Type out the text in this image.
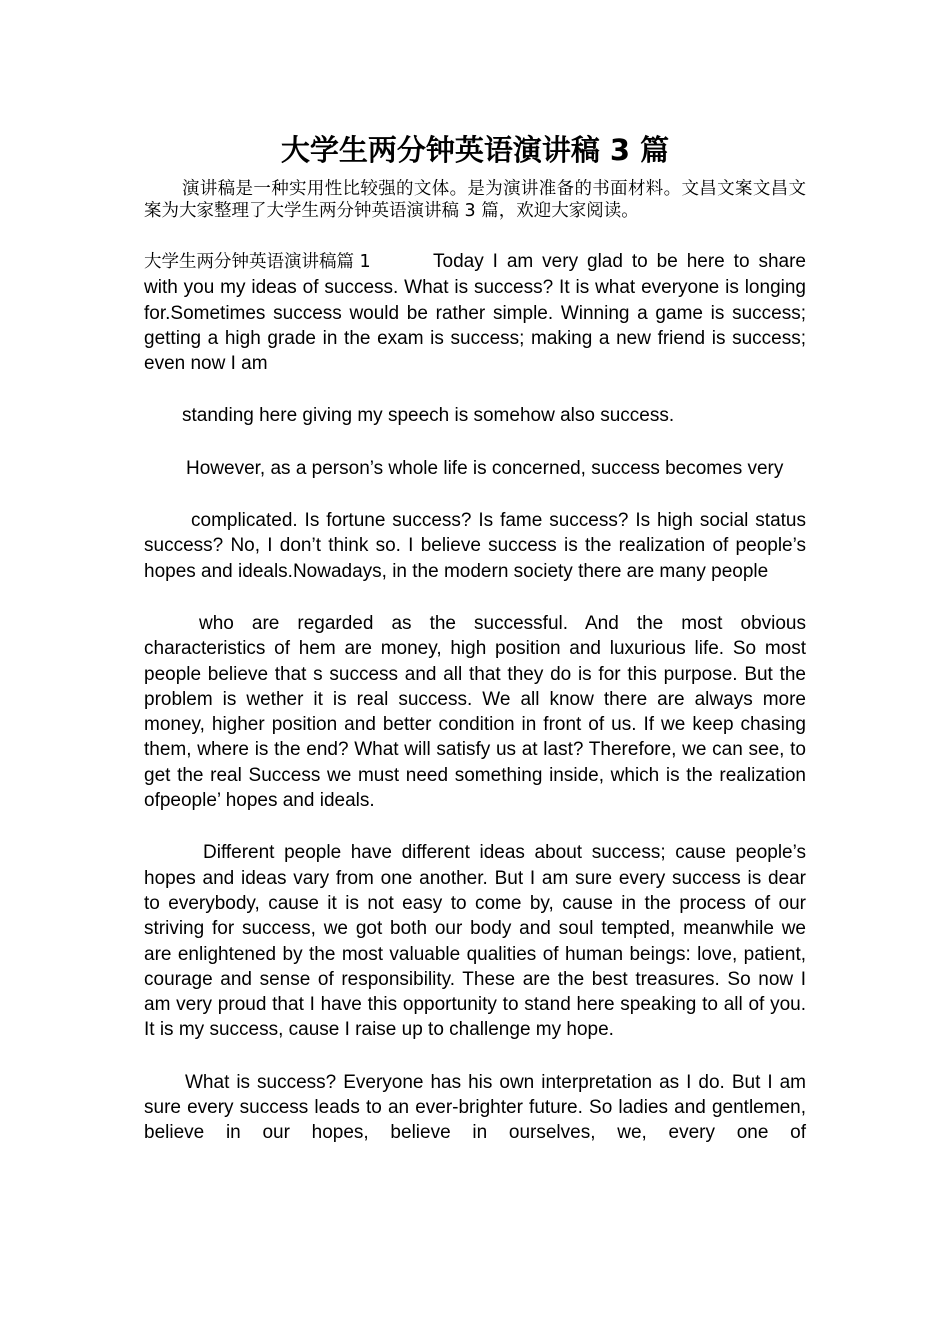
大学生两分钟英语演讲稿 3 篇

演讲稿是一种实用性比较强的文体。是为演讲准备的书面材料。文昌文案文昌文案为大家整理了大学生两分钟英语演讲稿 3 篇，欢迎大家阅读。

大学生两分钟英语演讲稿篇 1	Today I am very glad to be here to share with you my ideas of success. What is success? It is what everyone is longing for.Sometimes success would be rather simple. Winning a game is success; getting a high grade in the exam is success; making a new friend is success; even now I am

standing here giving my speech is somehow also success.

However, as a person’s whole life is concerned, success becomes very

complicated. Is fortune success? Is fame success? Is high social status success? No, I don’t think so. I believe success is the realization of people’s hopes and ideals.Nowadays, in the modern society there are many people

who are regarded as the successful. And the most obvious characteristics of hem are money, high position and luxurious life. So most people believe that s success and all that they do is for this purpose. But the problem is wether it is real success. We all know there are always more money, higher position and better condition in front of us. If we keep chasing them, where is the end? What will satisfy us at last? Therefore, we can see, to get the real Success we must need something inside, which is the realization ofpeople’ hopes and ideals.

Different people have different ideas about success; cause people’s hopes and ideas vary from one another. But I am sure every success is dear to everybody, cause it is not easy to come by, cause in the process of our striving for success, we got both our body and soul tempted, meanwhile we are enlightened by the most valuable qualities of human beings: love, patient, courage and sense of responsibility. These are the best treasures. So now I am very proud that I have this opportunity to stand here speaking to all of you. It is my success, cause I raise up to challenge my hope.

What is success? Everyone has his own interpretation as I do. But I am sure every success leads to an ever-brighter future. So ladies and gentlemen, believe in our hopes, believe in ourselves, we, every one of
